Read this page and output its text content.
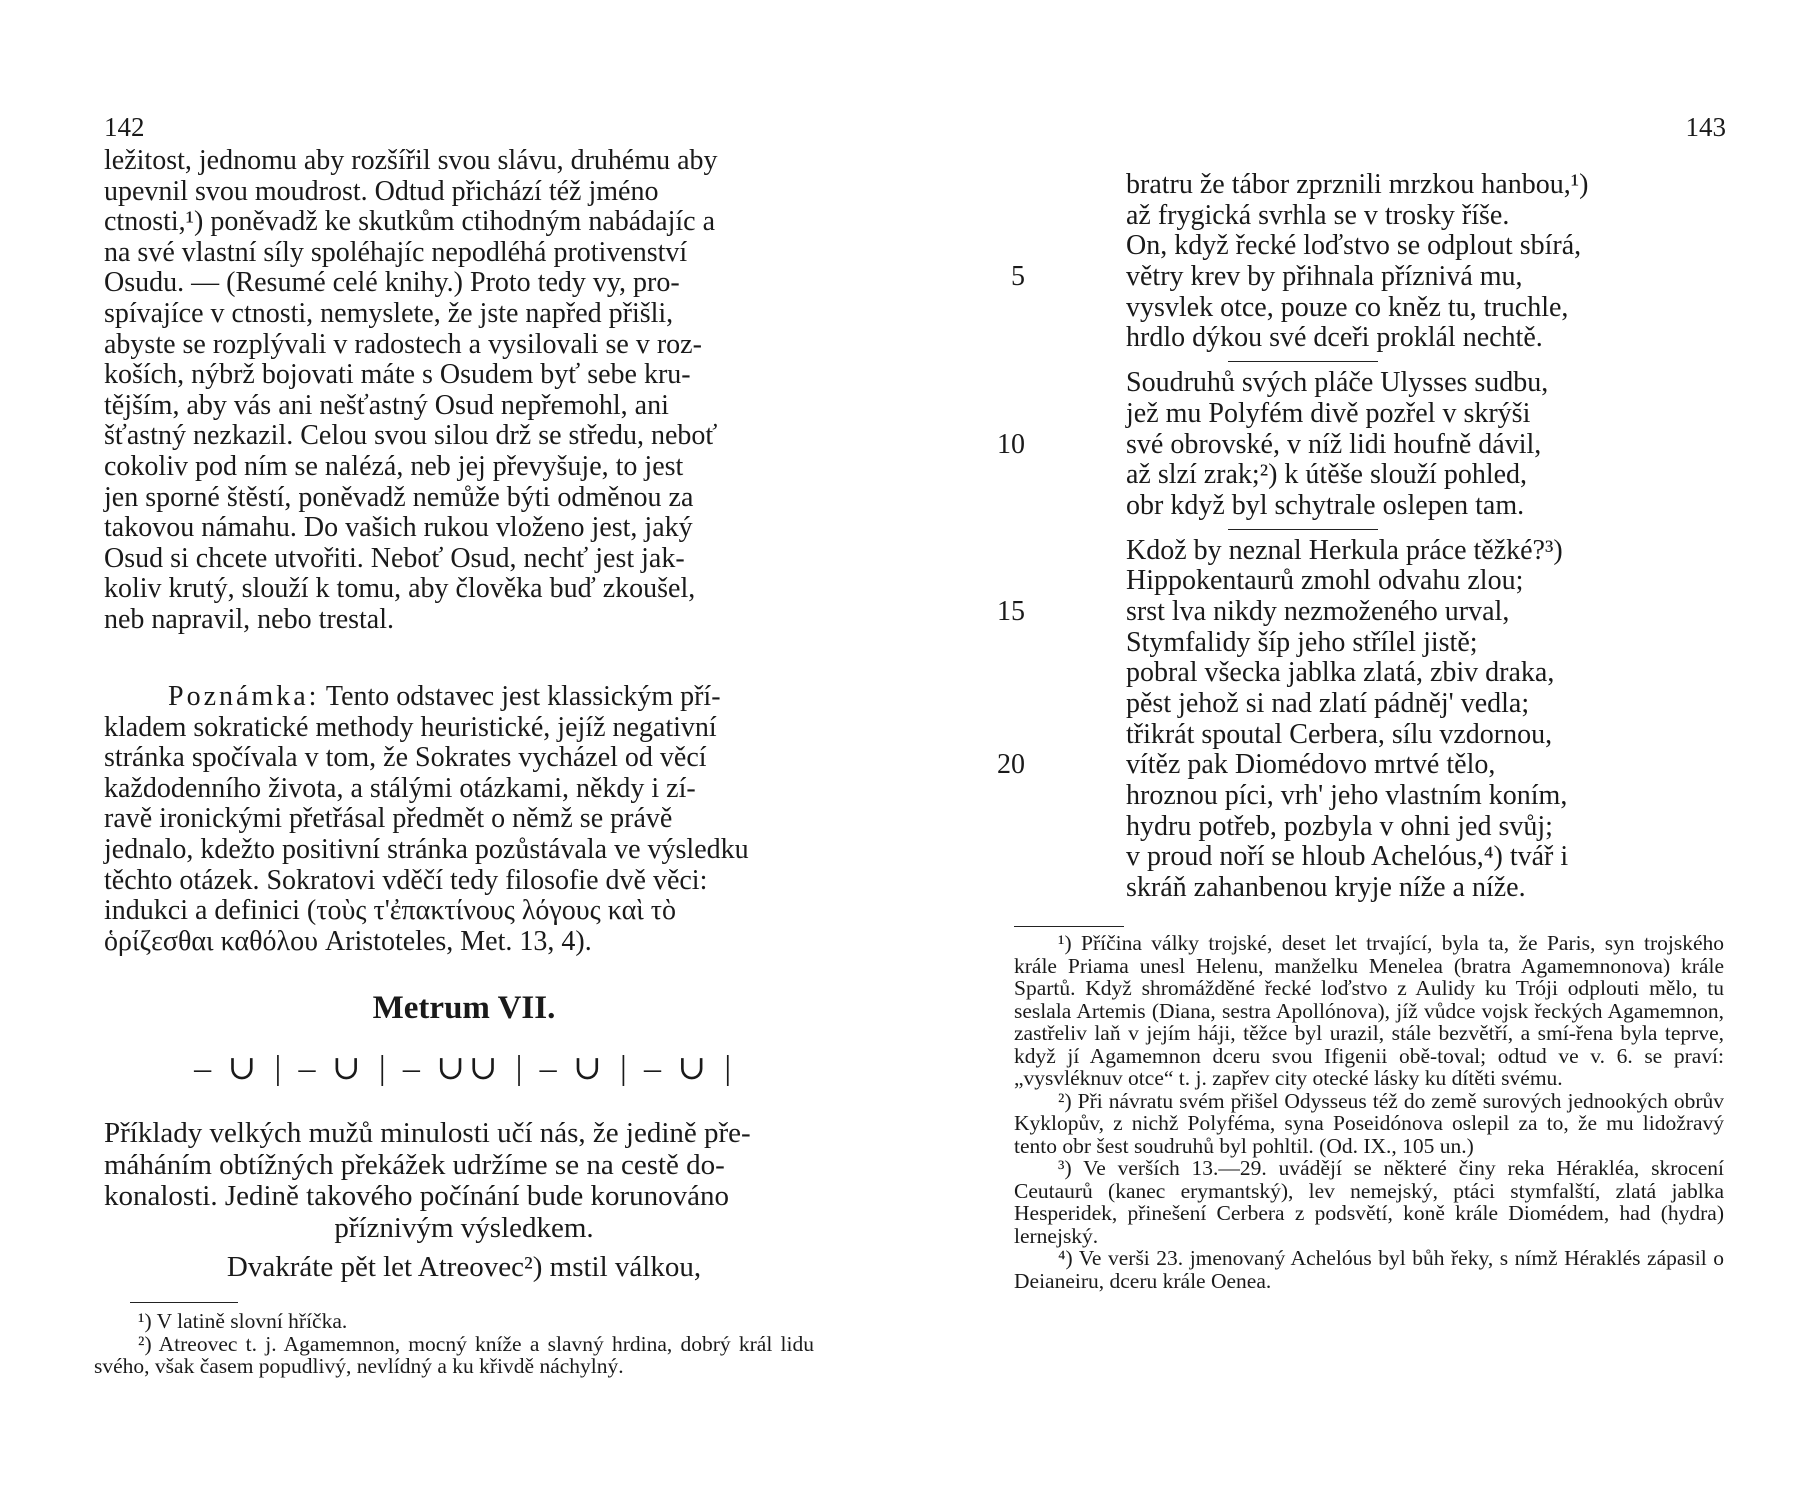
142

ležitost, jednomu aby rozšířil svou slávu, druhému aby

upevnil svou moudrost. Odtud přichází též jméno

ctnosti,¹) poněvadž ke skutkům ctihodným nabádajíc a

na své vlastní síly spoléhajíc nepodléhá protivenství

Osudu. — (Resumé celé knihy.) Proto tedy vy, pro-

spívajíce v ctnosti, nemyslete, že jste napřed přišli,

abyste se rozplývali v radostech a vysilovali se v roz-

koších, nýbrž bojovati máte s Osudem byť sebe kru-

tějším, aby vás ani nešťastný Osud nepřemohl, ani

šťastný nezkazil. Celou svou silou drž se středu, neboť

cokoliv pod ním se nalézá, neb jej převyšuje, to jest

jen sporné štěstí, poněvadž nemůže býti odměnou za

takovou námahu. Do vašich rukou vloženo jest, jaký

Osud si chcete utvořiti. Neboť Osud, nechť jest jak-

koliv krutý, slouží k tomu, aby člověka buď zkoušel,

neb napravil, nebo trestal.

Poznámka: Tento odstavec jest klassickým pří-

kladem sokratické methody heuristické, jejíž negativní

stránka spočívala v tom, že Sokrates vycházel od věcí

každodenního života, a stálými otázkami, někdy i zí-

ravě ironickými přetřásal předmět o němž se právě

jednalo, kdežto positivní stránka pozůstávala ve výsledku

těchto otázek. Sokratovi vděčí tedy filosofie dvě věci:

indukci a definici (τοὺς τ'ἐπακτίνους λόγους καὶ τὸ

ὁρίζεσθαι καθόλου Aristoteles, Met. 13, 4).

Metrum VII.
– ∪ | – ∪ | – ∪∪ | – ∪ | – ∪ |

Příklady velkých mužů minulosti učí nás, že jedině pře-

máháním obtížných překážek udržíme se na cestě do-

konalosti. Jedině takového počínání bude korunováno

příznivým výsledkem.

Dvakráte pět let Atreovec²) mstil válkou,

¹) V latině slovní hříčka.

²) Atreovec t. j. Agamemnon, mocný kníže a slavný hrdina, dobrý král lidu svého, však časem popudlivý, nevlídný a ku křivdě náchylný.

143
bratru že tábor zprznili mrzkou hanbou,¹)
až frygická svrhla se v trosky říše.
On, když řecké loďstvo se odplout sbírá,
5	větry krev by přihnala příznivá mu,
vysvlek otce, pouze co kněz tu, truchle,
hrdlo dýkou své dceři proklál nechtě.
Soudruhů svých pláče Ulysses sudbu,
jež mu Polyfém divě pozřel v skrýši
10	své obrovské, v níž lidi houfně dávil,
až slzí zrak;²) k útěše slouží pohled,
obr když byl schytrale oslepen tam.
Kdož by neznal Herkula práce těžké?³)
Hippokentaurů zmohl odvahu zlou;
15	srst lva nikdy nezmoženého urval,
Stymfalidy šíp jeho střílel jistě;
pobral všecka jablka zlatá, zbiv draka,
pěst jehož si nad zlatí pádněj' vedla;
třikrát spoutal Cerbera, sílu vzdornou,
20	vítěz pak Diomédovo mrtvé tělo,
hroznou píci, vrh' jeho vlastním koním,
hydru potřeb, pozbyla v ohni jed svůj;
v proud noří se hloub Achelóus,⁴) tvář i
skráň zahanbenou kryje níže a níže.

¹) Příčina války trojské, deset let trvající, byla ta, že Paris, syn trojského krále Priama unesl Helenu, manželku Menelea (bratra Agamemnonova) krále Spartů. Když shromážděné řecké loďstvo z Aulidy ku Tróji odplouti mělo, tu seslala Artemis (Diana, sestra Apollónova), jíž vůdce vojsk řeckých Agamemnon, zastřeliv laň v jejím háji, těžce byl urazil, stále bezvětří, a smí-řena byla teprve, když jí Agamemnon dceru svou Ifigenii obě-toval; odtud ve v. 6. se praví: „vysvléknuv otce“ t. j. zapřev city otecké lásky ku dítěti svému.

²) Při návratu svém přišel Odysseus též do země surových jednookých obrův Kyklopův, z nichž Polyféma, syna Poseidónova oslepil za to, že mu lidožravý tento obr šest soudruhů byl pohltil. (Od. IX., 105 un.)

³) Ve verších 13.—29. uvádějí se některé činy reka Hérakléa, skrocení Ceutaurů (kanec erymantský), lev nemejský, ptáci stymfalští, zlatá jablka Hesperidek, přinešení Cerbera z podsvětí, koně krále Diomédem, had (hydra) lernejský.

⁴) Ve verši 23. jmenovaný Achelóus byl bůh řeky, s nímž Héraklés zápasil o Deianeiru, dceru krále Oenea.
